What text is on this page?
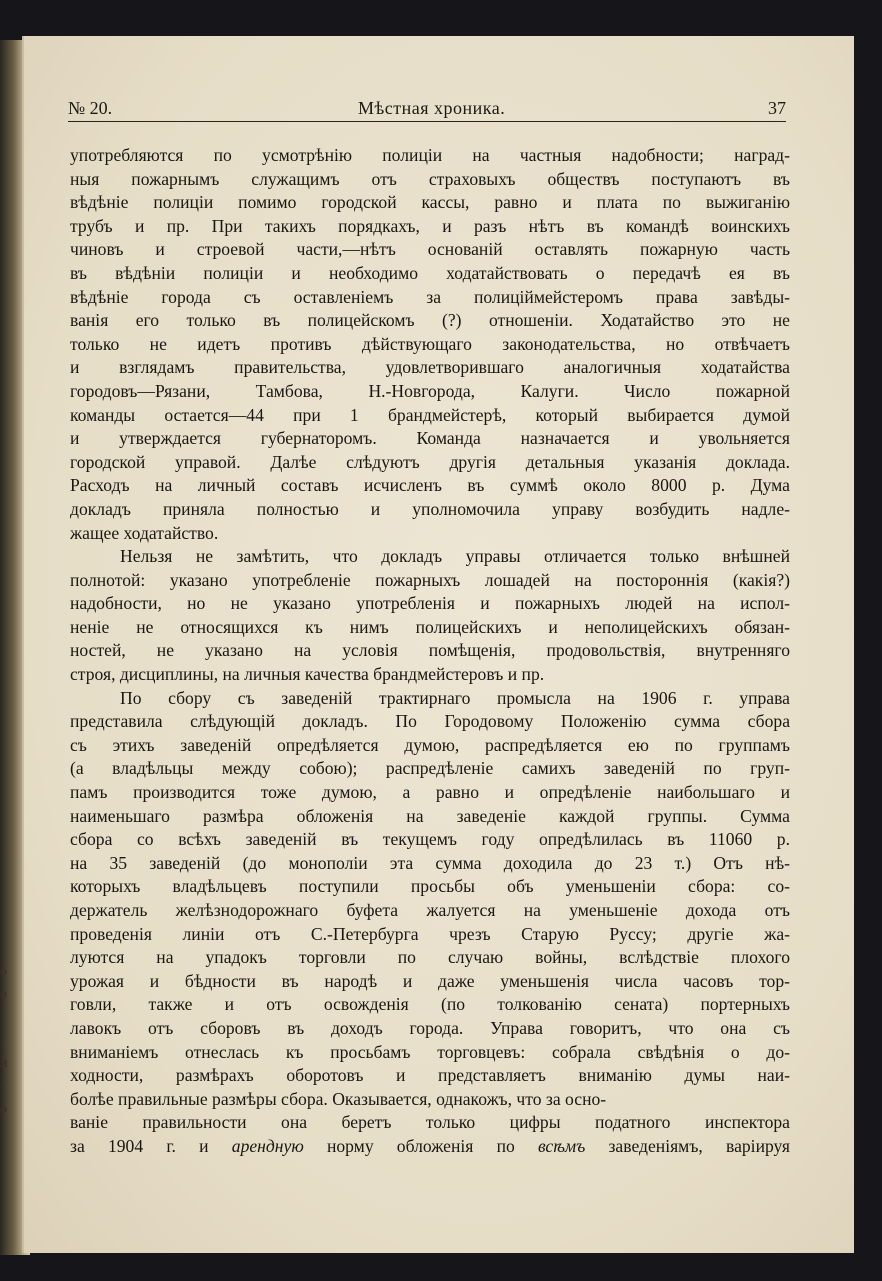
о
о
-
,
и
-
о
№ 20.	Мѣстная хроника.	37

употребляются по усмотрѣнію полиціи на частныя надобности; наград-
ныя пожарнымъ служащимъ отъ страховыхъ обществъ поступаютъ въ
вѣдѣніе полиціи помимо городской кассы, равно и плата по выжиганію
трубъ и пр. При такихъ порядкахъ, и разъ нѣтъ въ командѣ воинскихъ
чиновъ и строевой части,—нѣтъ основаній оставлять пожарную часть
въ вѣдѣніи полиціи и необходимо ходатайствовать о передачѣ ея въ
вѣдѣніе города съ оставленіемъ за полиціймейстеромъ права завѣды-
ванія его только въ полицейскомъ (?) отношеніи. Ходатайство это не
только не идетъ противъ дѣйствующаго законодательства, но отвѣчаетъ
и взглядамъ правительства, удовлетворившаго аналогичныя ходатайства
городовъ—Рязани, Тамбова, Н.-Новгорода, Калуги. Число пожарной
команды остается—44 при 1 брандмейстерѣ, который выбирается думой
и утверждается губернаторомъ. Команда назначается и увольняется
городской управой. Далѣе слѣдуютъ другія детальныя указанія доклада.
Расходъ на личный составъ исчисленъ въ суммѣ около 8000 р. Дума
докладъ приняла полностью и уполномочила управу возбудить надле-
жащее ходатайство.

Нельзя не замѣтить, что докладъ управы отличается только внѣшней
полнотой: указано употребленіе пожарныхъ лошадей на постороннія (какія?)
надобности, но не указано употребленія и пожарныхъ людей на испол-
неніе не относящихся къ нимъ полицейскихъ и неполицейскихъ обязан-
ностей, не указано на условія помѣщенія, продовольствія, внутренняго
строя, дисциплины, на личныя качества брандмейстеровъ и пр.

По сбору съ заведеній трактирнаго промысла на 1906 г. управа
представила слѣдующій докладъ. По Городовому Положенію сумма сбора
съ этихъ заведеній опредѣляется думою, распредѣляется ею по группамъ
(а владѣльцы между собою); распредѣленіе самихъ заведеній по груп-
памъ производится тоже думою, а равно и опредѣленіе наибольшаго и
наименьшаго размѣра обложенія на заведеніе каждой группы. Сумма
сбора со всѣхъ заведеній въ текущемъ году опредѣлилась въ 11060 р.
на 35 заведеній (до монополіи эта сумма доходила до 23 т.) Отъ нѣ-
которыхъ владѣльцевъ поступили просьбы объ уменьшеніи сбора: со-
держатель желѣзнодорожнаго буфета жалуется на уменьшеніе дохода отъ
проведенія линіи отъ С.-Петербурга чрезъ Старую Руссу; другіе жа-
луются на упадокъ торговли по случаю войны, вслѣдствіе плохого
урожая и бѣдности въ народѣ и даже уменьшенія числа часовъ тор-
говли, также и отъ освожденія (по толкованію сената) портерныхъ
лавокъ отъ сборовъ въ доходъ города. Управа говоритъ, что она съ
вниманіемъ отнеслась къ просьбамъ торговцевъ: собрала свѣдѣнія о до-
ходности, размѣрахъ оборотовъ и представляетъ вниманію думы наи-
болѣе правильные размѣры сбора. Оказывается, однакожъ, что за осно-

ваніе правильности она беретъ только цифры податного инспектора
за 1904 г. и арендную норму обложенія по всѣмъ заведеніямъ, варіируя
